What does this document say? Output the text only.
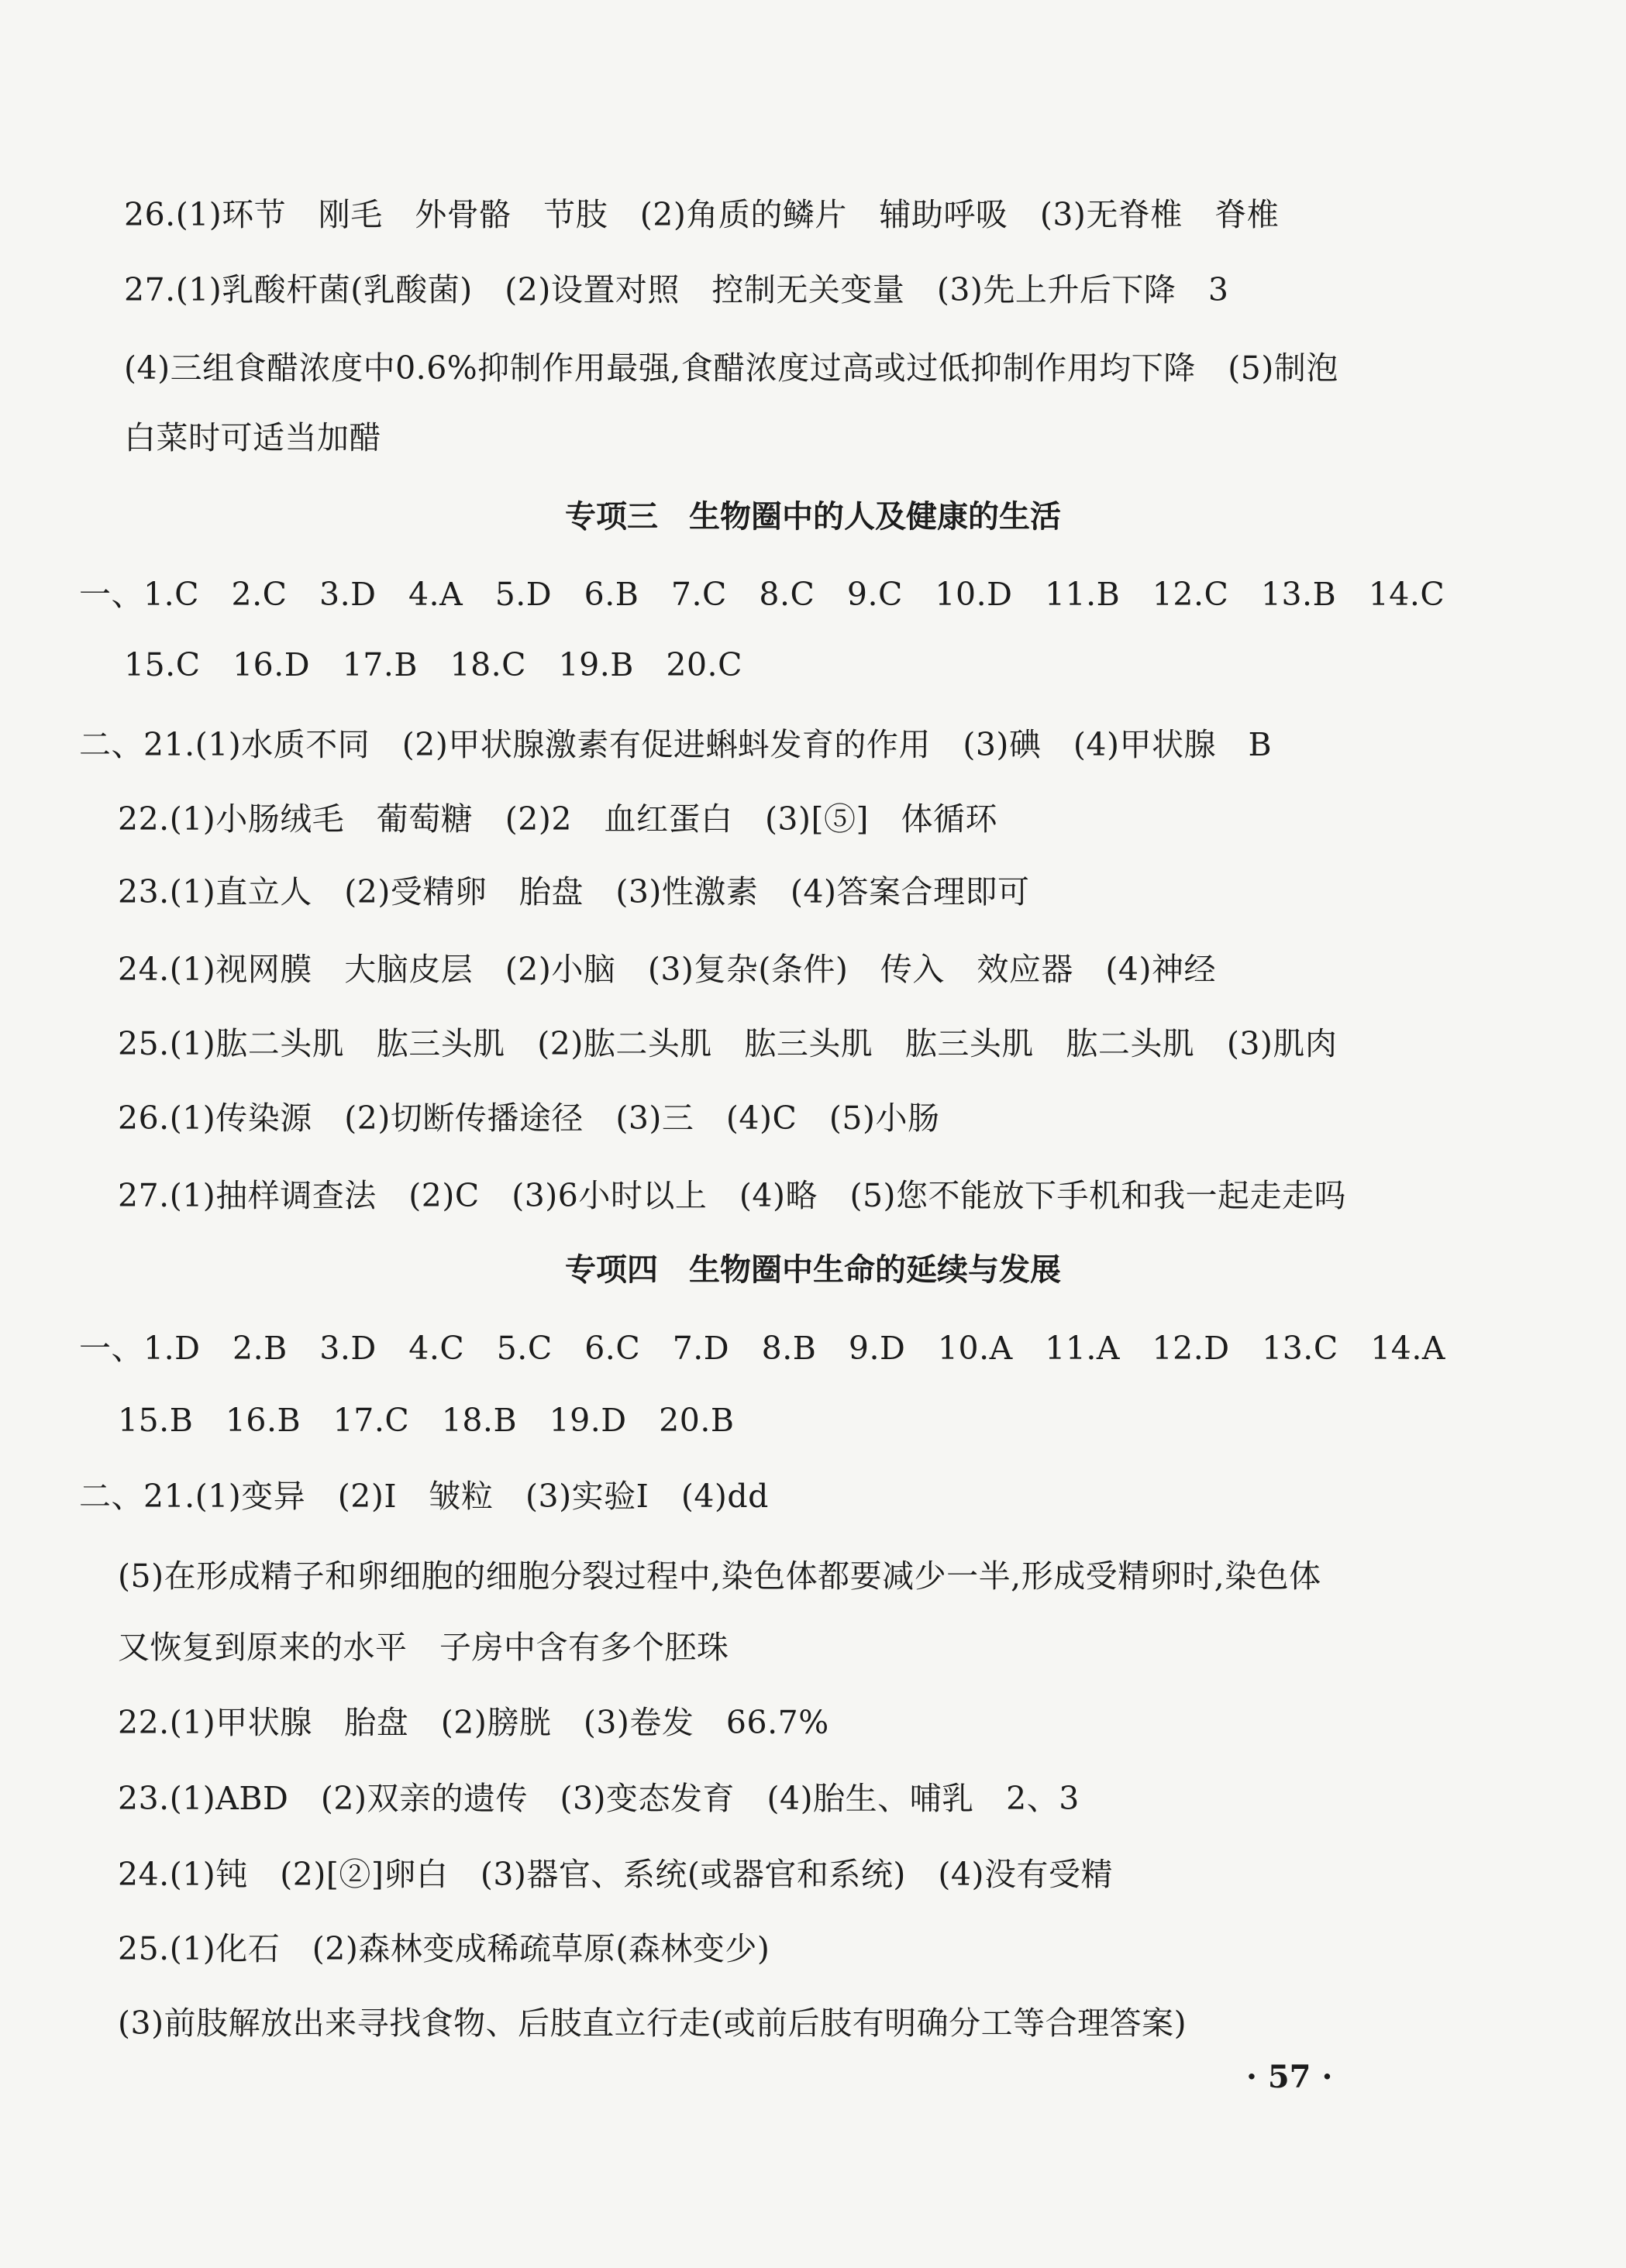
26.(1)环节　刚毛　外骨骼　节肢　(2)角质的鳞片　辅助呼吸　(3)无脊椎　脊椎
27.(1)乳酸杆菌(乳酸菌)　(2)设置对照　控制无关变量　(3)先上升后下降　3
(4)三组食醋浓度中0.6%抑制作用最强,食醋浓度过高或过低抑制作用均下降　(5)制泡
白菜时可适当加醋
专项三　生物圈中的人及健康的生活
一、1.C　2.C　3.D　4.A　5.D　6.B　7.C　8.C　9.C　10.D　11.B　12.C　13.B　14.C
15.C　16.D　17.B　18.C　19.B　20.C
二、21.(1)水质不同　(2)甲状腺激素有促进蝌蚪发育的作用　(3)碘　(4)甲状腺　B
22.(1)小肠绒毛　葡萄糖　(2)2　血红蛋白　(3)[⑤]　体循环
23.(1)直立人　(2)受精卵　胎盘　(3)性激素　(4)答案合理即可
24.(1)视网膜　大脑皮层　(2)小脑　(3)复杂(条件)　传入　效应器　(4)神经
25.(1)肱二头肌　肱三头肌　(2)肱二头肌　肱三头肌　肱三头肌　肱二头肌　(3)肌肉
26.(1)传染源　(2)切断传播途径　(3)三　(4)C　(5)小肠
27.(1)抽样调查法　(2)C　(3)6小时以上　(4)略　(5)您不能放下手机和我一起走走吗
专项四　生物圈中生命的延续与发展
一、1.D　2.B　3.D　4.C　5.C　6.C　7.D　8.B　9.D　10.A　11.A　12.D　13.C　14.A
15.B　16.B　17.C　18.B　19.D　20.B
二、21.(1)变异　(2)Ⅰ　皱粒　(3)实验Ⅰ　(4)dd
(5)在形成精子和卵细胞的细胞分裂过程中,染色体都要减少一半,形成受精卵时,染色体
又恢复到原来的水平　子房中含有多个胚珠
22.(1)甲状腺　胎盘　(2)膀胱　(3)卷发　66.7%
23.(1)ABD　(2)双亲的遗传　(3)变态发育　(4)胎生、哺乳　2、3
24.(1)钝　(2)[②]卵白　(3)器官、系统(或器官和系统)　(4)没有受精
25.(1)化石　(2)森林变成稀疏草原(森林变少)
(3)前肢解放出来寻找食物、后肢直立行走(或前后肢有明确分工等合理答案)
· 57 ·
